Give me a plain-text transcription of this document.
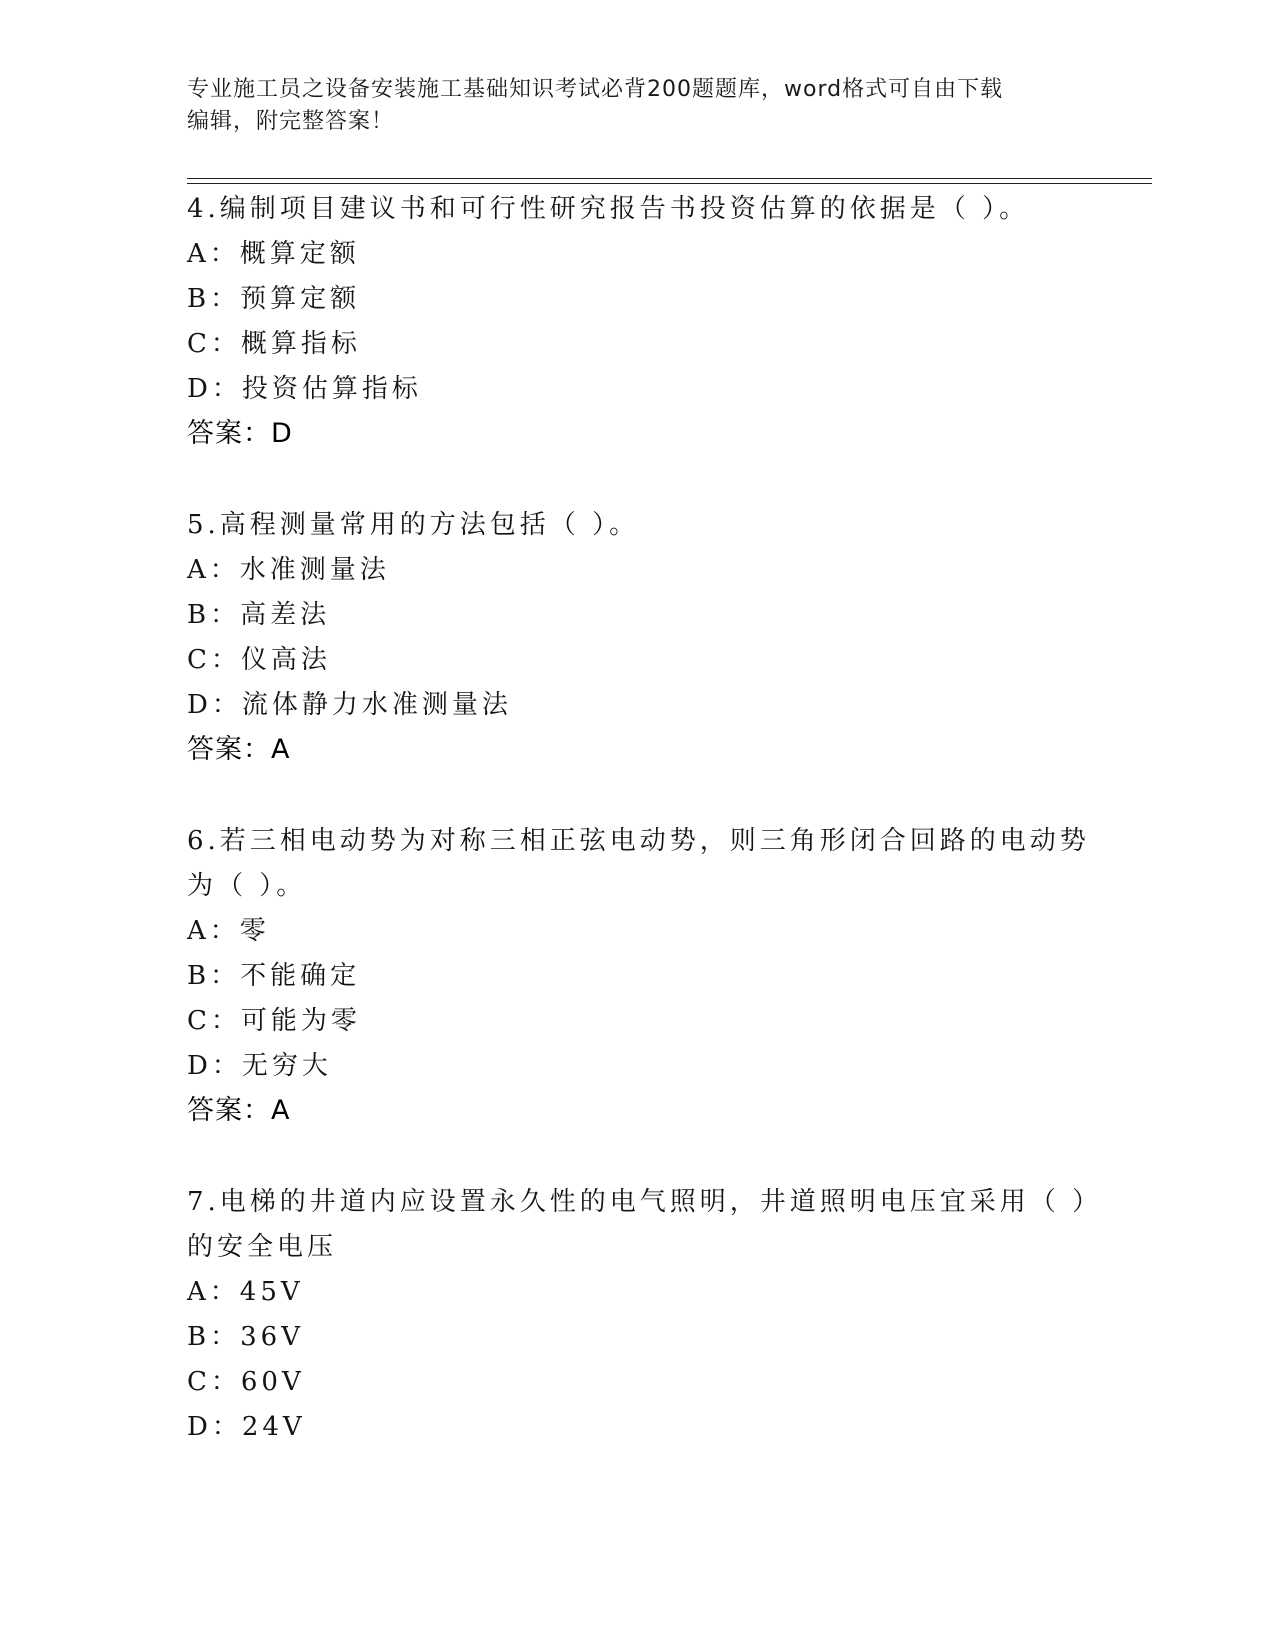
专业施工员之设备安装施工基础知识考试必背200题题库，word格式可自由下载
编辑，附完整答案！
4.编制项目建议书和可行性研究报告书投资估算的依据是（ ）。
A：概算定额
B：预算定额
C：概算指标
D：投资估算指标
答案：D
5.高程测量常用的方法包括（ ）。
A：水准测量法
B：高差法
C：仪高法
D：流体静力水准测量法
答案：A
6.若三相电动势为对称三相正弦电动势，则三角形闭合回路的电动势
为（ ）。
A：零
B：不能确定
C：可能为零
D：无穷大
答案：A
7.电梯的井道内应设置永久性的电气照明，井道照明电压宜采用（ ）
的安全电压
A：45V
B：36V
C：60V
D：24V
